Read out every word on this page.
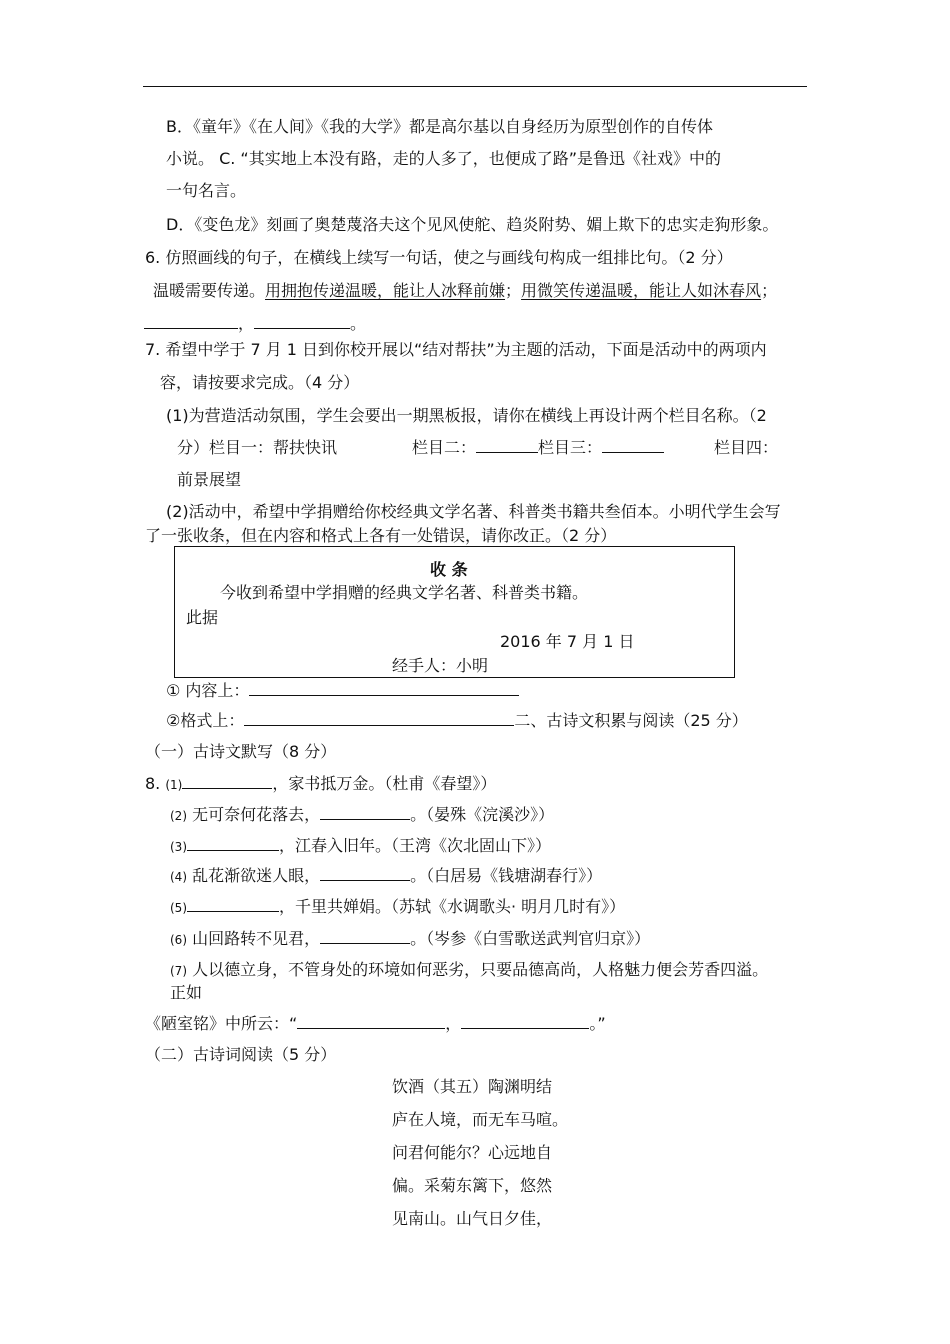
B．《童年》《在人间》《我的大学》都是高尔基以自身经历为原型创作的自传体
小说。 C. “其实地上本没有路，走的人多了，也便成了路”是鲁迅《社戏》中的
一句名言。
D．《变色龙》刻画了奥楚蔑洛夫这个见风使舵、趋炎附势、媚上欺下的忠实走狗形象。
6. 仿照画线的句子，在横线上续写一句话，使之与画线句构成一组排比句。（2 分）
温暖需要传递。用拥抱传递温暖，能让人冰释前嫌；用微笑传递温暖，能让人如沐春风；
，	。
7. 希望中学于 7 月 1 日到你校开展以“结对帮扶”为主题的活动，下面是活动中的两项内
容，请按要求完成。（4 分）
(1)为营造活动氛围，学生会要出一期黑板报，请你在横线上再设计两个栏目名称。（2
分）栏目一：帮扶快讯	栏目二：	栏目三：	栏目四：
前景展望
(2)活动中，希望中学捐赠给你校经典文学名著、科普类书籍共叁佰本。小明代学生会写
了一张收条，但在内容和格式上各有一处错误，请你改正。（2 分）
收 条
今收到希望中学捐赠的经典文学名著、科普类书籍。
此据
2016 年 7 月 1 日
经手人：小明
① 内容上：
②格式上：	二、古诗文积累与阅读（25 分）
（一）古诗文默写（8 分）
8. (1)	，家书抵万金。（杜甫《春望》）
(2) 无可奈何花落去，	。（晏殊《浣溪沙》）
(3)	，江春入旧年。（王湾《次北固山下》）
(4) 乱花渐欲迷人眼，	。（白居易《钱塘湖春行》）
(5)	，千里共婵娟。（苏轼《水调歌头· 明月几时有》）
(6) 山回路转不见君，	。（岑参《白雪歌送武判官归京》）
(7) 人以德立身，不管身处的环境如何恶劣，只要品德高尚，人格魅力便会芳香四溢。
正如
《陋室铭》中所云：“	，	。”
（二）古诗词阅读（5 分）
饮酒（其五）陶渊明结
庐在人境，而无车马喧。
问君何能尔？心远地自
偏。采菊东篱下，悠然
见南山。山气日夕佳，
